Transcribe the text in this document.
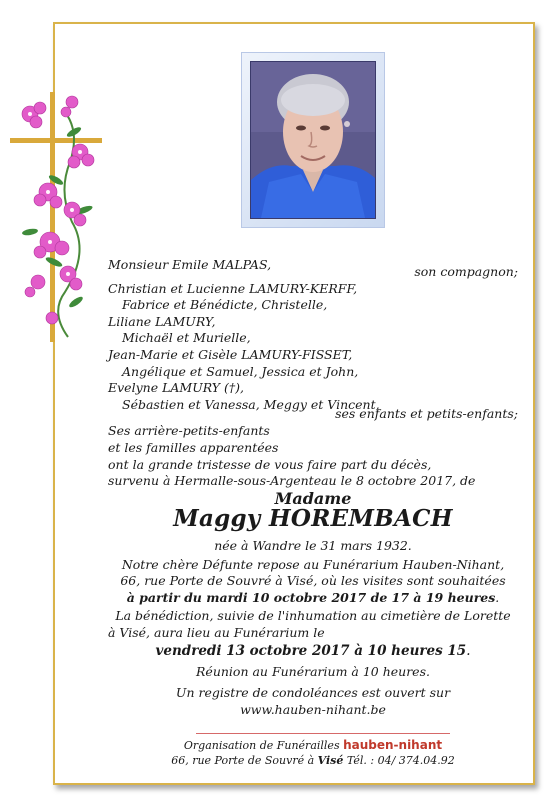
Monsieur Emile MALPAS,	son compagnon;
Christian et Lucienne LAMURY-KERFF,
Fabrice et Bénédicte, Christelle,
Liliane LAMURY,
Michaël et Murielle,
Jean-Marie et Gisèle LAMURY-FISSET,
Angélique et Samuel, Jessica et John,
Evelyne LAMURY (†),
Sébastien et Vanessa, Meggy et Vincent,
ses enfants et petits-enfants;
Ses arrière-petits-enfants
et les familles apparentées
ont la grande tristesse de vous faire part du décès,
survenu à Hermalle-sous-Argenteau le 8 octobre 2017, de
Madame
Maggy HOREMBACH
née à Wandre le 31 mars 1932.
Notre chère Défunte repose au Funérarium Hauben-Nihant,
66, rue Porte de Souvré à Visé, où les visites sont souhaitées
à partir du mardi 10 octobre 2017 de 17 à 19 heures.
La bénédiction, suivie de l'inhumation au cimetière de Lorette
à Visé, aura lieu au Funérarium le
vendredi 13 octobre 2017 à 10 heures 15.
Réunion au Funérarium à 10 heures.
Un registre de condoléances est ouvert sur
www.hauben-nihant.be
Organisation de Funérailles hauben-nihant
66, rue Porte de Souvré à Visé Tél. : 04/ 374.04.92
